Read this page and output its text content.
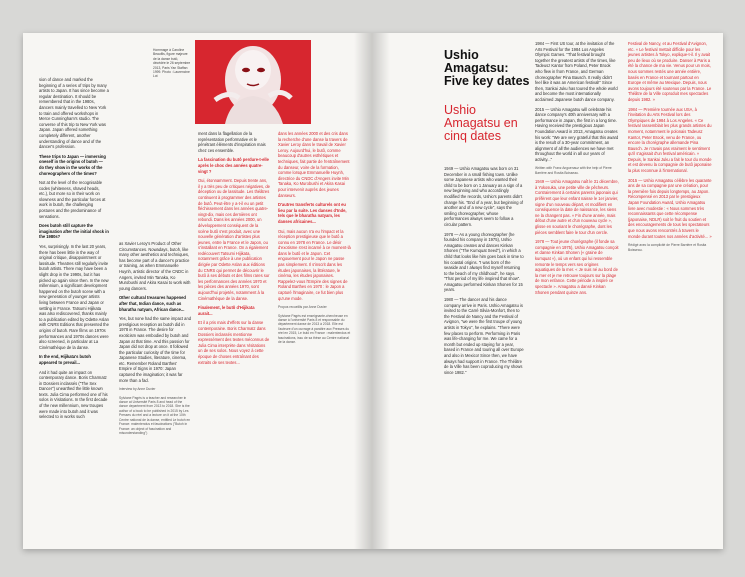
sion of dance and marked the beginning of a series of trips by many artists to Japan. It has since become a regular destination. It should be remembered that in the 1980s, dancers mainly travelled to New York to train and offered workshops in Merce Cunningham's studio. The converse of this trip to New York was Japan. Japan offered something completely different, another understanding of dance and of the dancer's profession.

These trips to Japan — immersing oneself in the origins of butoh — do they show in the works of the choreographers of the times?

Not at the level of the recognisable codes (whiteness, shaved heads, etc.), but more so in their work on slowness and the particular forces at work in butoh, the challenging postures and the predominance of sensations.

Does butoh still capture the imagination after the initial shock in the 1980s?

Yes, surprisingly. In the last 20 years, there has been little in the way of original critique, disappointment or lassitude. Theatres still regularly invite butoh artists. There may have been a slight drop in the 1990s, but it has picked up again since then. In the new millennium, a significant development happened on the butoh scene with a new generation of younger artists living between France and Japan or settling in France. Tatsumi Hijikata was also rediscovered, thanks mainly to a publication edited by Odette Aslan with CNRS Editions that presented the origins of butoh. Rare films on 1970s performances and 1970s dances were also screened, in particular at La Cinémathèque de la danse.

In the end, Hijikata's butoh appeared to prevail...

And it had quite an impact on contemporary dance. Boris Charmatz in Dossiers inclassés ("The Sex Dancer") unearthed the little known texts. Julia Cima performed one of his solos in Visitations. In the first decade of the new millennium, new troupes were made into butoh and it was selected to in works such

as Xavier Leroy's Product of Other Circumstances. Nowadays, butoh, like many other aesthetics and techniques, has become part of a dancer's practice or training, as when Emmanuelle Huynh, artistic director of the CNDC in Angers, invited Min Tanaka, Ko Murobushi and Akira Kasai to work with young dancers.

Other cultural treasures happened after that, Indian dance, such as bharatha natyam, African dance...

Yes, but none had the same impact and prestigious reception as butoh did in 1978 in France. The desire for exoticism was embodied by butoh and Japan at that time. And this passion for Japan did not drop at once. It followed the particular curiosity of the time for Japanese Studies, literature, cinema, etc. Remember Roland Barthes' Empire of Signs in 1970: Japan captured the imagination; it was far more than a fad.

Interview by Anne Duvier

Sylviane Pagès is a teacher and researcher in dance at Université Paris 8 and head of the dance department from 2013 to 2018. She is the author of a book to be published in 2015 by Les Presses du réel and a lecture on it at the 10th Centre national de la danse, entitled Le butoh en France: malentendus et fascinations ("Butoh in France: an object of fascination and misunderstanding")

Hommage à Caroline Beaufils, figure majeure de la danse butô, décédée le 26 septembre 2013, Paris Yan Staffan 1999. Photo : Laurencine Lot

ment dans la flagellation de la représentation performative et le pénétrant éléments d'inspiration mais chez ces ensemble.

La fascination du butô perdure-t-elle après le choc des années quatre-vingt ?

Oui, étonnamment. Depuis trente ans, il y a très peu de critiques négatives, de déception ou de lassitude. Les théâtres continuent à programmer des artistes de butô. Peut-être y a-t-il eu un petit fléchissement dans les années quatre-vingt-dix, mais ces dernières ont rebondi. Dans les années 2000, un développement conséquent de la scène butô s'est produit, avec une nouvelle génération d'artistes plus jeunes, entre la France et le Japon, ou s'installant en France. On a également redécouvert Tatsumi Hijikata, notamment grâce à une publication dirigée par Odette Aslan aux éditions du CNRS qui permet de découvrir le butô à ses débuts et des films rares sur les performances des années 1970 et les pièces des années 1970, sont aujourd'hui projetés, notamment à la Cinémathèque de la danse.

Finalement, le butô d'Hijikata aurait...

Et il a pris mais d'effets sur la danse contemporaine. Boris Charmatz dans Dossiers inclassés mentionne expressément des textes méconnus de Julia Cima interprète dans Visitations un de ses solos. Nous voyez à cette époque de choses entraînant des extraits de ses textes...

dans les années 2000 et des cris dans la recherche d'une danse la travers de Xavier Leroy dans le travail de Xavier Leroy. Aujourd'hui, le butô, comme beaucoup d'autres esthétiques et techniques, fait partie de l'entraînement du danseur, voire de la formation, comme lorsque Emmanuelle Huynh, directrice du CNDC d'Angers invite Min Tanaka, Ko Murobushi et Akira Kasai pour intervenir auprès des jeunes danseurs.

D'autres transferts culturels ont eu lieu par la suite. Les danses d'Inde, tels que le bharatha natyam, les danses africaines...

Oui, mais aucun n'a eu l'impact et la réception prestigieuse que le butô a connu en 1978 en France. Le désir d'exotisme s'est incarné à ce moment-là dans le butô et le Japon. Cet engouement pour le Japon ne passe pas simplement. Il s'inscrit dans les études japonaises, la littérature, le cinéma, les études japonaises. Rappelez-vous l'Empire des signes de Roland Barthes en 1970 : le Japon a capturé l'imaginaire, ce fut bien plus qu'une mode.

Propos recueillis par Anne Duvier

Sylviane Pagès est enseignante-chercheuse en danse à l'université Paris 8 et responsable du département danse de 2013 à 2018. Elle est l'auteure d'un ouvrage à paraître aux Presses du réel en 2015, Le butô en France : malentendus et fascinations, issu de sa thèse au Centre national de la danse.

Ushio Amagatsu: Five key dates
Ushio Amagatsu en cinq dates

1949 — Ushio Amagatsu was born on 31 December in a small fishing town. Unlike some Japanese artists who wanted their child to be born on 1 January as a sign of a new beginning and who accordingly modified the records, Ushio's parents didn't change his. "End of a year, but beginning of another and of a new cycle", says the smiling choreographer, whose performances always seem to follow a circular pattern.

1978 — As a young choreographer (he founded his company in 1975), Ushio Amagatsu creates and dances Kinkan Shonen ("The Kumquat Seed"), in which a child that looks like him goes back in time to his coastal origins. "I was born of the seaside and I always find myself returning to the beach of my childhood", he says. "That period of my life inspired that show". Amagatsu performed Kinkan Shonen for 15 years.

1980 — The dancer and his dance company arrive in Paris. Ushio Amagatsu is invited to the Carré Silvia-Monfort, then to the Festival de Nancy and the Festival of Avignon, "we were the first troupe of young artists in Tokyo", he explains. "There were few places to perform. Performing in Paris was life-changing for me. We came for a month but ended up staying for a year, based in France and touring all over Europe and also in Mexico! Since then, we have always had support in France. The Théâtre de la Ville has been coproducing my shows since 1982."

1984 — First US tour, at the invitation of the Arts Festival for the 1984 Los Angeles Olympic Games. "That festival brought together the greatest artists of the times, like Tadeusz Kantor from Poland, Peter Brook who flew in from France, and German choreographer Pina Bausch. It really didn't feel like it was an American festival!" Since then, Sankai Juku has toured the whole world and become the most internationally acclaimed Japanese butoh dance company.

2015 — Ushio Amagatsu will celebrate his dance company's 40th anniversary with a performance in Japan, the first in a long time. Having received the prestigious Japan Foundation Award in 2013, Amagatsu creates his work: "We are very grateful that this award is the result of a 30-year commitment, an alignment of all the audiences we have met throughout the world in all our years of activity..."

Written with Franz Anguenauz with the help of Pierre Barrière and Rosita Boisseau.

1949 — Ushio Amagatsu naît le 31 décembre, à Yokosuka, une petite ville de pêcheurs. Contrairement à certains parents japonais qui préfèrent que leur enfant naisse le 1er janvier, signe d'un nouveau départ, et modifient en conséquence la date de naissance, les siens ne la changent pas. « Fin d'une année, mais début d'une autre et d'un nouveau cycle », glisse en souriant le chorégraphe, dont les pièces semblent faire le tour d'un cercle.

1978 — Tout jeune chorégraphe (il fonde sa compagnie en 1975), Ushio Amagatsu conçoit et danse Kinkan Shonen (« graine de kumquat »), où un enfant qui lui ressemble remonte le temps vers ses origines aquatiques de la mer. « Je suis né au bord de la mer et je me retrouve toujours sur la plage de mon enfance. Cette période a inspiré ce spectacle ». Amagatsu a dansé Kinkan Shonen pendant quinze ans.

Festival de Nancy, et au Festival d'Avignon, etc. « Le festival mettait difficile pour les jeunes artistes à Tokyo, explique-t-il. Il y avait peu de lieux où se produire. Danser à Paris a été la chance de ma vie. Venus pour un mois, nous sommes restés une année entière, basés en France et tournant partout en Europe et même au Mexique. Depuis, nous avons toujours été soutenus par la France. Le Théâtre de la Ville coproduit mes spectacles depuis 1982. »

1984 — Première tournée aux USA, à l'invitation du Arts Festival lors des Olympiques de 1984 à Los Angeles. « Ce festival rassemblait les plus grands artistes du moment, notamment le polonais Tadeusz Kantor, Peter Brook, venu de France, ou encore la chorégraphe allemande Pina Bausch. Je n'avais pas vraiment le sentiment qu'il s'agissait d'un festival américain. » Depuis, le Sankai Juku a fait le tour du monde et est devenu la compagnie de butô japonaise la plus reconnue à l'international.

2015 — Ushio Amagatsu célèbre les quarante ans de sa compagnie par une création, pour la première fois depuis longtemps, au Japon. Récompensé en 2013 par le prestigieux Japan Foundation Award, Ushio Amagatsu livre avec modestie : « Nous sommes très reconnaissants que cette récompense (japonaise, NDLR) soit le fruit du soutien et des encouragements de tous les spectateurs que nous avons rencontrés à travers le monde durant toutes nos années d'activité... »

Rédigé avec la complicité de Pierre Barrière et Rosita Boisseau.
